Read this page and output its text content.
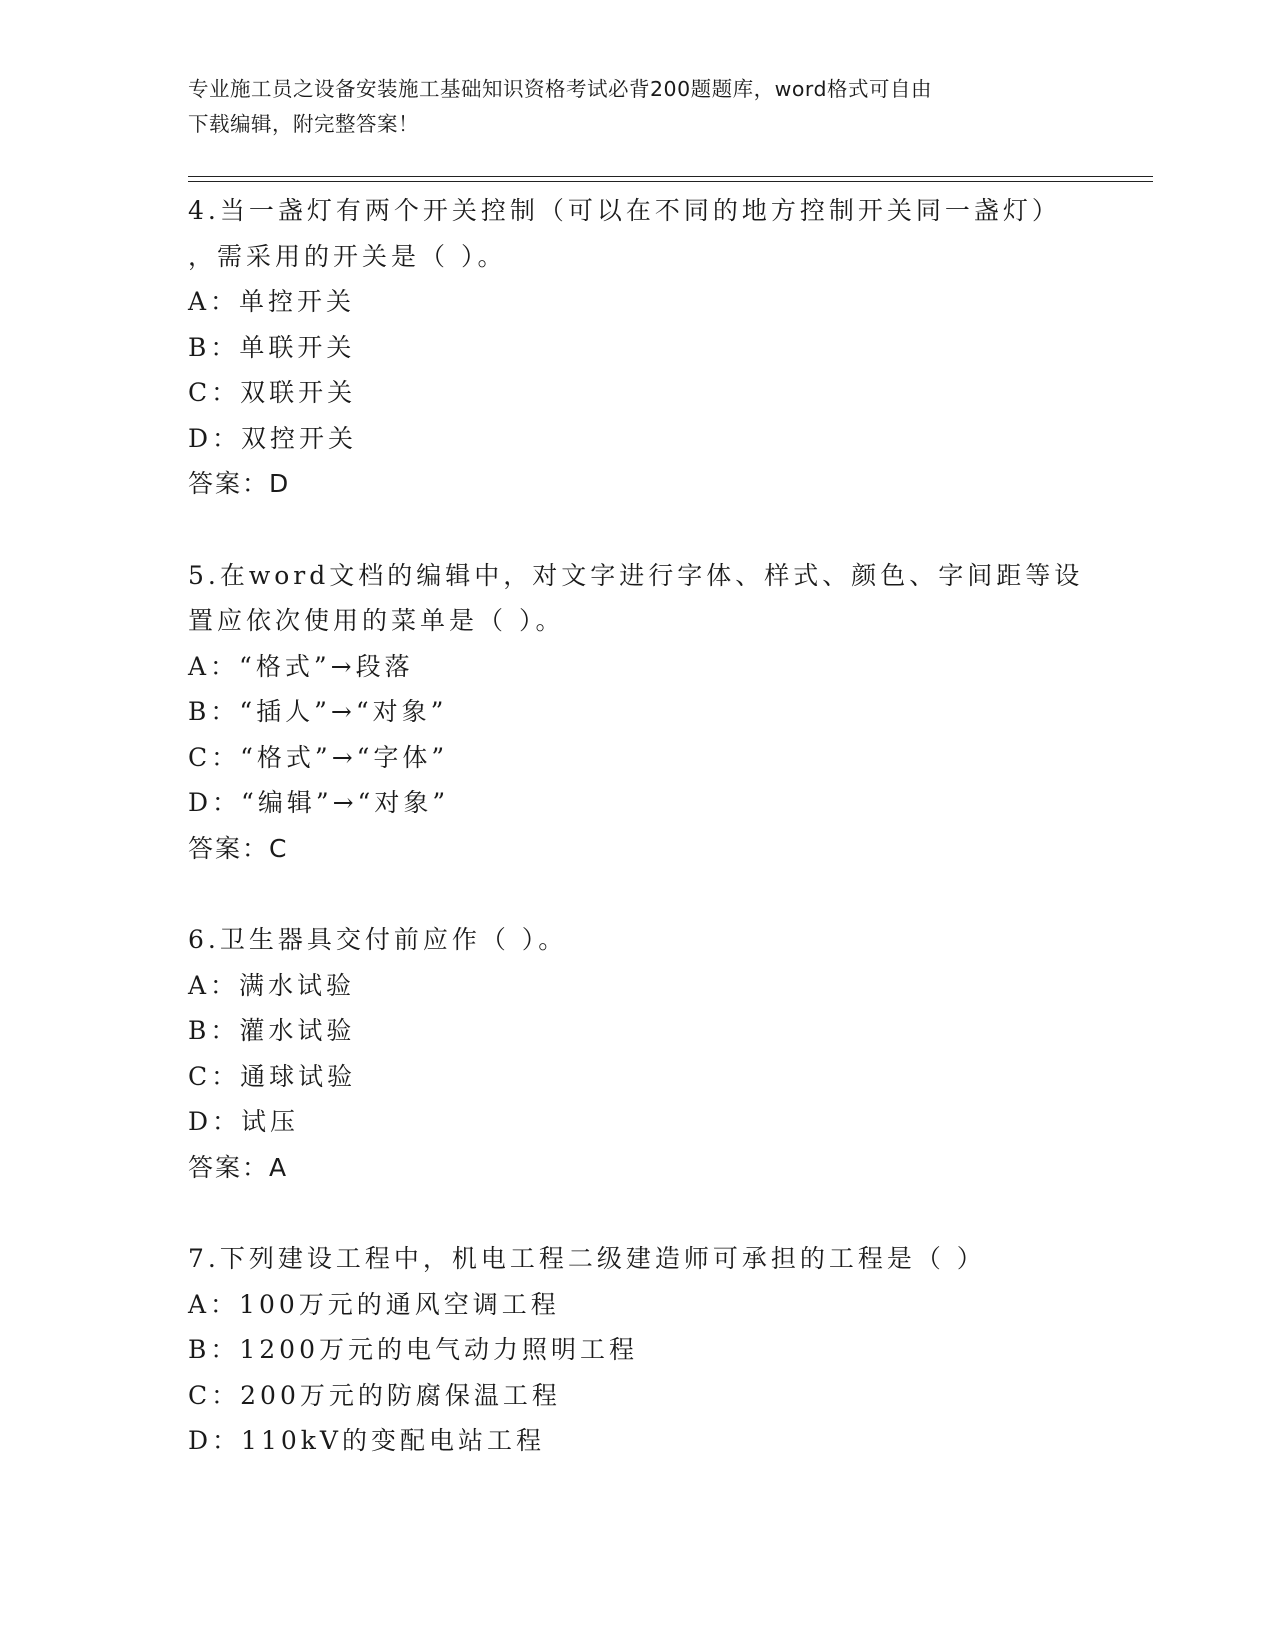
专业施工员之设备安装施工基础知识资格考试必背200题题库，word格式可自由
下载编辑，附完整答案！
4.当一盏灯有两个开关控制（可以在不同的地方控制开关同一盏灯）
，需采用的开关是（ ）。
A：单控开关
B：单联开关
C：双联开关
D：双控开关
答案：D
5.在word文档的编辑中，对文字进行字体、样式、颜色、字间距等设
置应依次使用的菜单是（ ）。
A：“格式”→段落
B：“插人”→“对象”
C：“格式”→“字体”
D：“编辑”→“对象”
答案：C
6.卫生器具交付前应作（ ）。
A：满水试验
B：灌水试验
C：通球试验
D：试压
答案：A
7.下列建设工程中，机电工程二级建造师可承担的工程是（ ）
A：100万元的通风空调工程
B：1200万元的电气动力照明工程
C：200万元的防腐保温工程
D：110kV的变配电站工程
